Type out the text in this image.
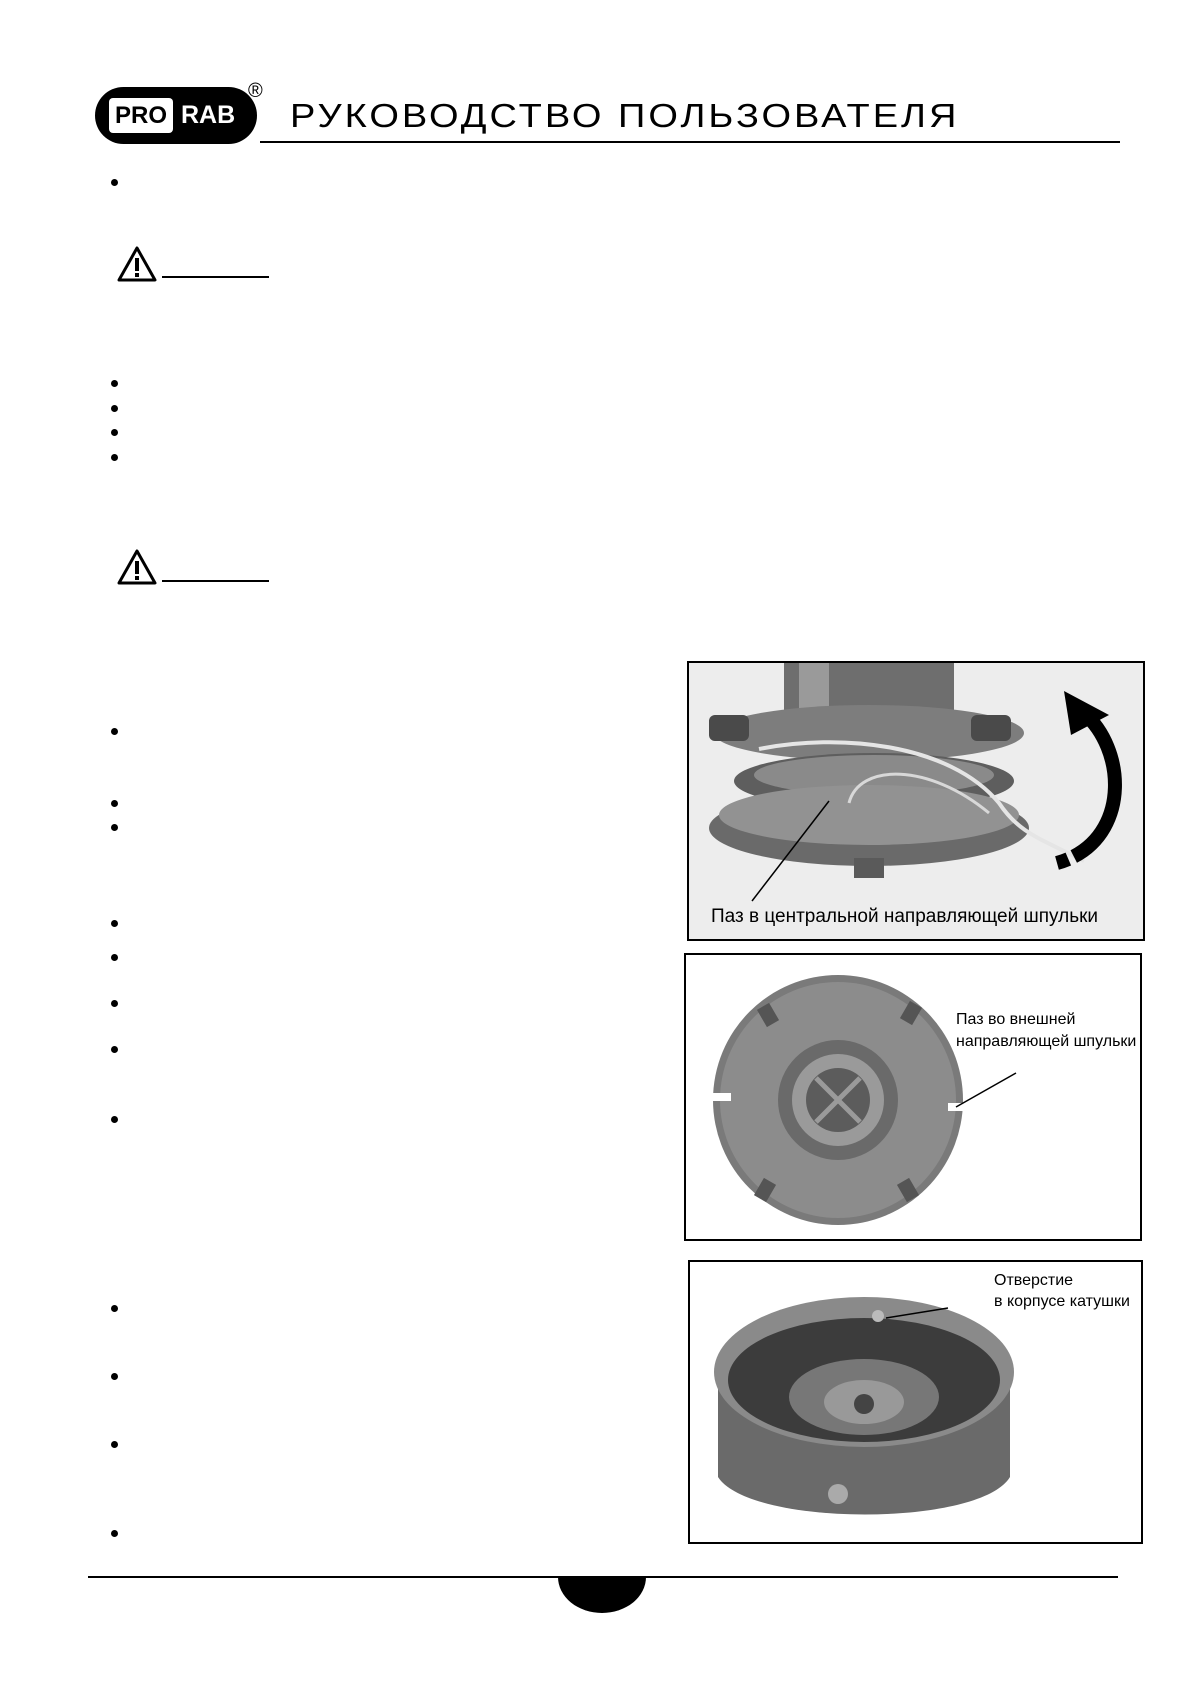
PRO RAB
®
РУКОВОДСТВО ПОЛЬЗОВАТЕЛЯ
Паз в центральной направляющей шпульки
Паз во внешней
направляющей шпульки
Отверстие
в корпусе катушки
